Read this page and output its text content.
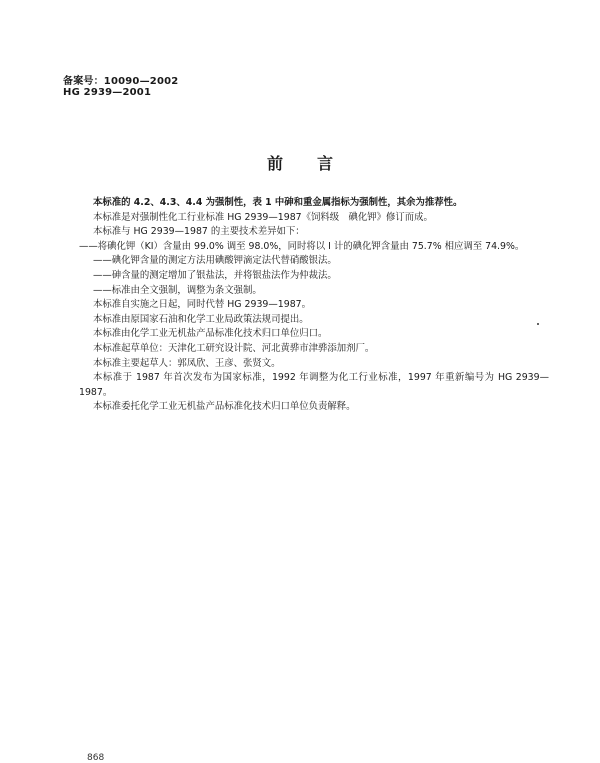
备案号：10090—2002
HG 2939—2001
前言

本标准的 4.2、4.3、4.4 为强制性，表 1 中砷和重金属指标为强制性，其余为推荐性。

本标准是对强制性化工行业标准 HG 2939—1987《饲料级　碘化钾》修订而成。

本标准与 HG 2939—1987 的主要技术差异如下：

——将碘化钾（KI）含量由 99.0% 调至 98.0%，同时将以 I 计的碘化钾含量由 75.7% 相应调至 74.9%。

——碘化钾含量的测定方法用碘酸钾滴定法代替硝酸银法。

——砷含量的测定增加了银盐法，并将银盐法作为仲裁法。

——标准由全文强制，调整为条文强制。

本标准自实施之日起，同时代替 HG 2939—1987。

本标准由原国家石油和化学工业局政策法规司提出。

本标准由化学工业无机盐产品标准化技术归口单位归口。

本标准起草单位：天津化工研究设计院、河北黄骅市津骅添加剂厂。

本标准主要起草人：郭凤欣、王彦、张贤文。

本标准于 1987 年首次发布为国家标准，1992 年调整为化工行业标准，1997 年重新编号为 HG 2939—1987。

本标准委托化学工业无机盐产品标准化技术归口单位负责解释。

868
